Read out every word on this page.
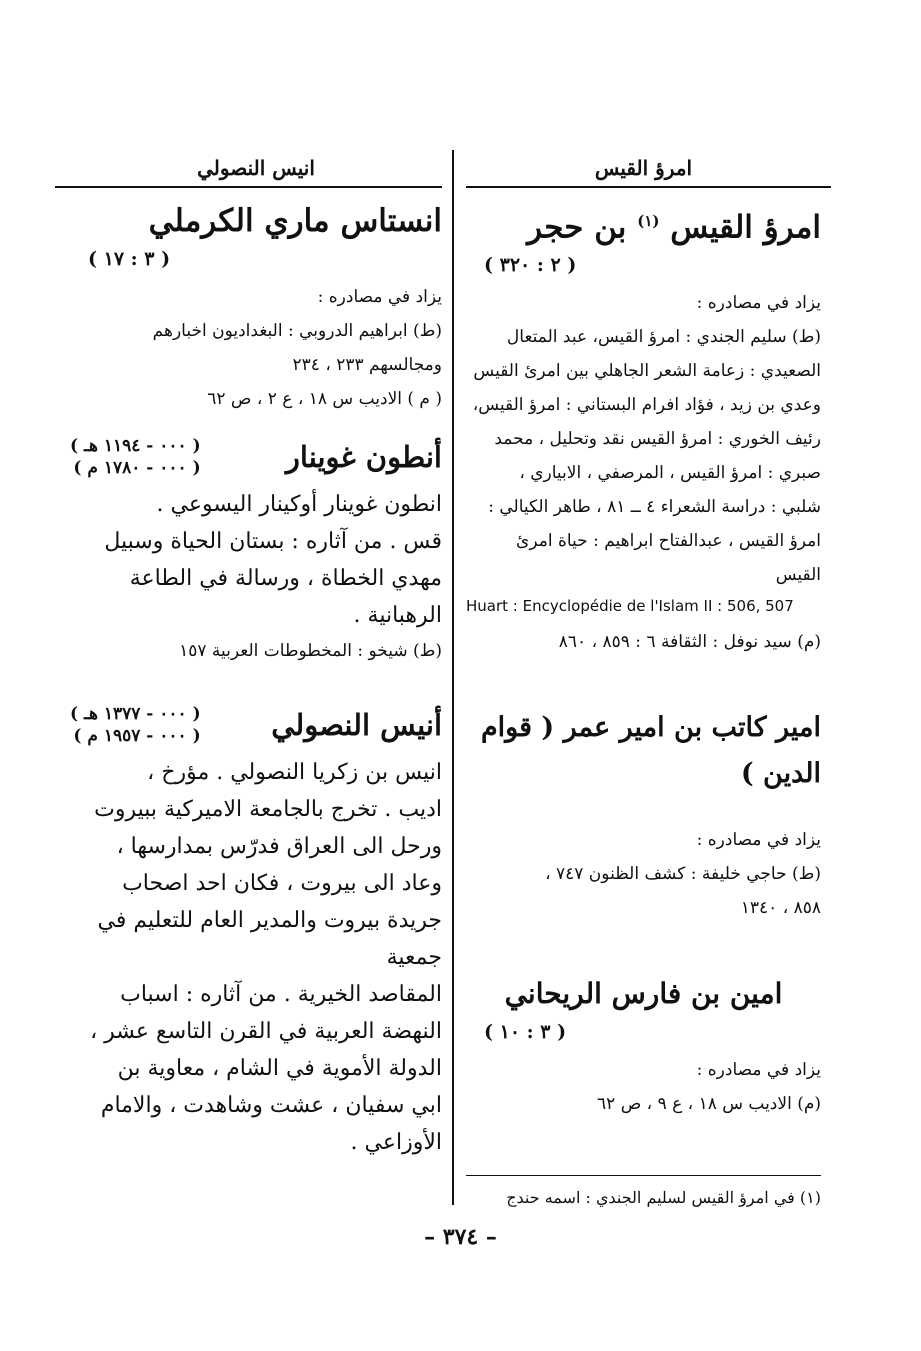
امرؤ القيس
امرؤ القيس $^{(١)}$ بن حجر
( ٢ : ٣٢٠ )

يزاد في مصادره :

(ط) سليم الجندي : امرؤ القيس، عبد المتعال

الصعيدي : زعامة الشعر الجاهلي بين امرئ القيس

وعدي بن زيد ، فؤاد افرام البستاني : امرؤ القيس،

رئيف الخوري : امرؤ القيس نقد وتحليل ، محمد

صبري : امرؤ القيس ، المرصفي ، الابياري ،

شلبي : دراسة الشعراء ٤ ــ ٨١ ، طاهر الكيالي :

امرؤ القيس ، عبدالفتاح ابراهيم : حياة امرئ القيس

Huart : Encyclopédie de l'Islam II : 506, 507

(م) سيد نوفل : الثقافة ٦ : ٨٥٩ ، ٨٦٠

امير كاتب بن امير عمر ( قوام الدين )

يزاد في مصادره :

(ط) حاجي خليفة : كشف الظنون ٧٤٧ ،

٨٥٨ ، ١٣٤٠

امين بن فارس الريحاني
( ٣ : ١٠ )

يزاد في مصادره :

(م) الاديب س ١٨ ، ع ٩ ، ص ٦٢

انيس النصولي
انستاس ماري الكرملي
( ٣ : ١٧ )

يزاد في مصادره :

(ط) ابراهيم الدروبي : البغداديون اخبارهم

ومجالسهم ٢٣٣ ، ٢٣٤

( م ) الاديب س ١٨ ، ع ٢ ، ص ٦٢

أنطون غوينار
( ٠٠٠ - ١١٩٤ هـ )
( ٠٠٠ - ١٧٨٠ م )

انطون غوينار أوكينار اليسوعي .

قس . من آثاره : بستان الحياة وسبيل

مهدي الخطاة ، ورسالة في الطاعة الرهبانية .

(ط) شيخو : المخطوطات العربية ١٥٧

أنيس النصولي
( ٠٠٠ - ١٣٧٧ هـ )
( ٠٠٠ - ١٩٥٧ م )

انيس بن زكريا النصولي . مؤرخ ،

اديب . تخرج بالجامعة الاميركية ببيروت

ورحل الى العراق فدرّس بمدارسها ،

وعاد الى بيروت ، فكان احد اصحاب

جريدة بيروت والمدير العام للتعليم في جمعية

المقاصد الخيرية . من آثاره : اسباب

النهضة العربية في القرن التاسع عشر ،

الدولة الأموية في الشام ، معاوية بن

ابي سفيان ، عشت وشاهدت ، والامام

الأوزاعي .

(١) في امرؤ القيس لسليم الجندي : اسمه حندج
– ٣٧٤ –
